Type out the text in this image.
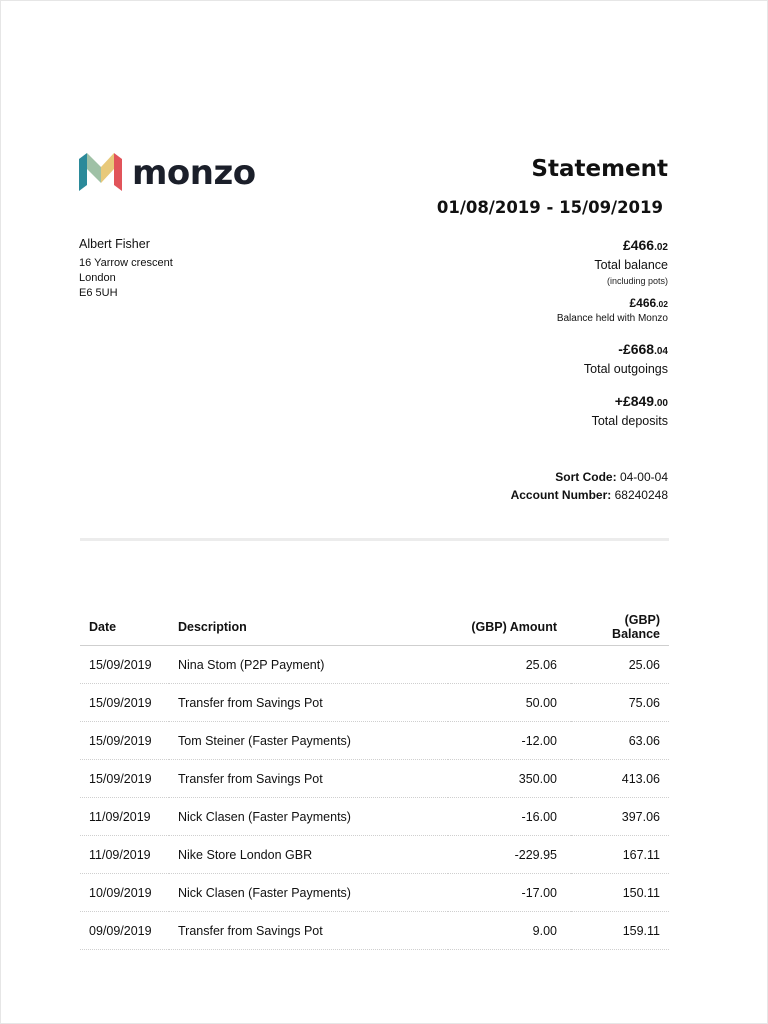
monzo	Statement
01/08/2019 - 15/09/2019
Albert Fisher
16 Yarrow crescent
London
E6 5UH
£466.02
Total balance
(including pots)
£466.02
Balance held with Monzo
-£668.04
Total outgoings
+£849.00
Total deposits
Sort Code: 04-00-04
Account Number: 68240248
Date	Description	(GBP) Amount	(GBP) Balance
15/09/2019	Nina Stom (P2P Payment)	25.06	25.06
15/09/2019	Transfer from Savings Pot	50.00	75.06
15/09/2019	Tom Steiner (Faster Payments)	-12.00	63.06
15/09/2019	Transfer from Savings Pot	350.00	413.06
11/09/2019	Nick Clasen (Faster Payments)	-16.00	397.06
11/09/2019	Nike Store London GBR	-229.95	167.11
10/09/2019	Nick Clasen (Faster Payments)	-17.00	150.11
09/09/2019	Transfer from Savings Pot	9.00	159.11
